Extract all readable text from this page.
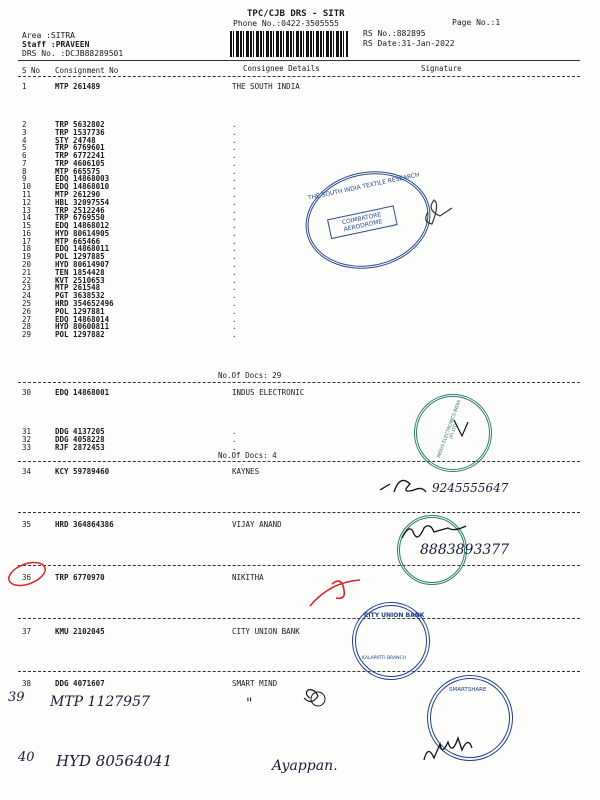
TPC/CJB DRS - SITR
Phone No.:0422-3505555	Page No.:1
Area :SITRA
Staff :PRAVEEN
DRS No. :DCJB88289501
RS No.:882895
RS Date:31-Jan-2022
S No Consignment No	Consignee Details	Signature
1	MTP 261489	THE SOUTH INDIA
2	TRP 5632802	.
3	TRP 1537736	.
4	STY 24748	.
5	TRP 6769601	.
6	TRP 6772241	.
7	TRP 4606105	.
8	MTP 665575	.
9	EDQ 14868003	.
10	EDQ 14868010	.
11	MTP 261290	.
12	HBL 32097554	.
13	TRP 2512246	.
14	TRP 6769550	.
15	EDQ 14868012	.
16	HYD 80614905	.
17	MTP 665466	.
18	EDQ 14868011	.
19	POL 1297885	.
20	HYD 80614907	.
21	TEN 1854428	.
22	KVT 2510653	.
23	MTP 261548	.
24	PGT 3638532	.
25	HRD 354652496	.
26	POL 1297881	.
27	EDQ 14868014	.
28	HYD 80600811	.
29	POL 1297882	.
No.Of Docs: 29
30	EDQ 14868001	INDUS ELECTRONIC
31	DDG 4137205	.
32	DDG 4058228	.
33	RJF 2872453	.
No.Of Docs: 4
34	KCY 59789460	KAYNES
35	HRD 364864386	VIJAY ANAND
36	TRP 6770970	NIKITHA
37	KMU 2102045	CITY UNION BANK
38	DDG 4071607	SMART MIND
THE SOUTH INDIA TEXTILE RESEARCH
COIMBATORE AERODROME
INDUS ELECTRONICS INDIA (P) LTD.
CITY UNION BANK
KALAPATTI BRANCH
SMARTSHARE
9245555647
8883893377
39 MTP 1127957	"
40 HYD 80564041	Ayappan.
